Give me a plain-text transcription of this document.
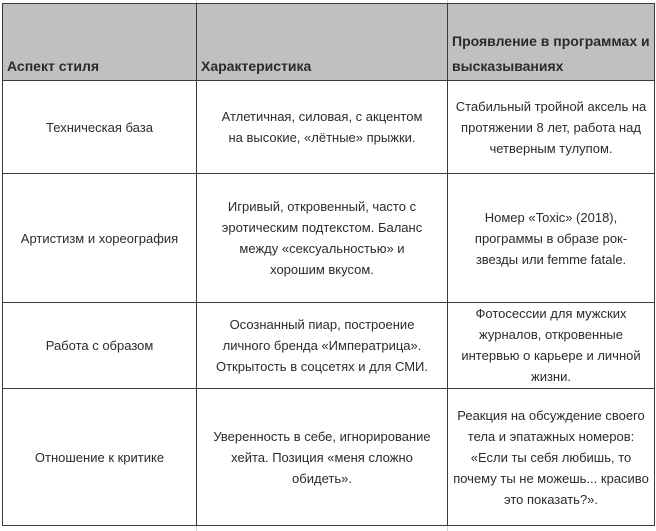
Аспект стиля	Характеристика	Проявление в программах и высказываниях
Техническая база	Атлетичная, силовая, с акцентом на высокие, «лётные» прыжки.	Стабильный тройной аксель на протяжении 8 лет, работа над четверным тулупом.
Артистизм и хореография	Игривый, откровенный, часто с эротическим подтекстом. Баланс между «сексуальностью» и хорошим вкусом.	Номер «Toxic» (2018), программы в образе рок-звезды или femme fatale.
Работа с образом	Осознанный пиар, построение личного бренда «Императрица». Открытость в соцсетях и для СМИ.	Фотосессии для мужских журналов, откровенные интервью о карьере и личной жизни.
Отношение к критике	Уверенность в себе, игнорирование хейта. Позиция «меня сложно обидеть».	Реакция на обсуждение своего тела и эпатажных номеров: «Если ты себя любишь, то почему ты не можешь... красиво это показать?».
